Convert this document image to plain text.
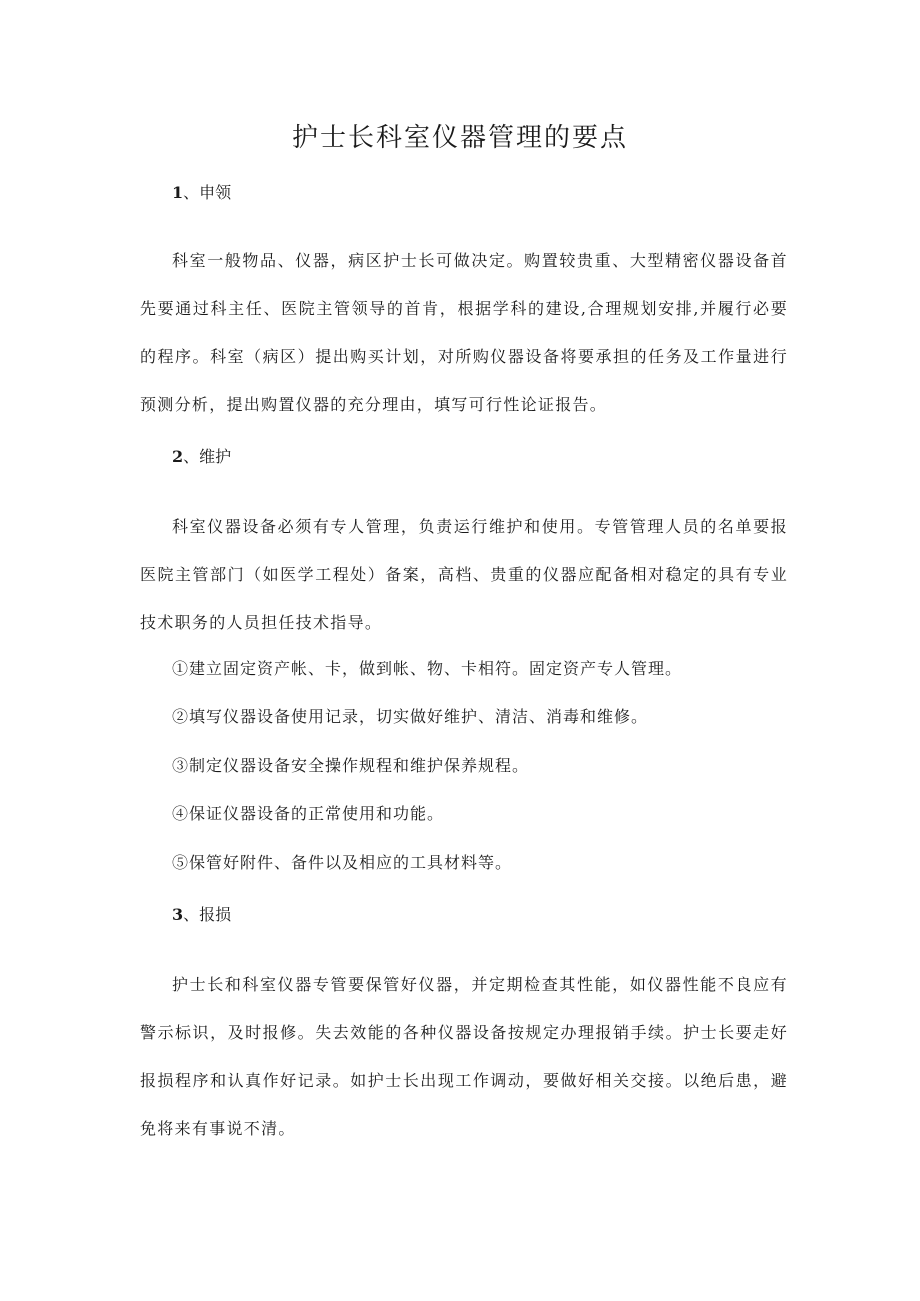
护士长科室仪器管理的要点

1、申领

科室一般物品、仪器，病区护士长可做决定。购置较贵重、大型精密仪器设备首先要通过科主任、医院主管领导的首肯，根据学科的建设,合理规划安排,并履行必要的程序。科室（病区）提出购买计划，对所购仪器设备将要承担的任务及工作量进行预测分析，提出购置仪器的充分理由，填写可行性论证报告。

2、维护

科室仪器设备必须有专人管理，负责运行维护和使用。专管管理人员的名单要报医院主管部门（如医学工程处）备案，高档、贵重的仪器应配备相对稳定的具有专业技术职务的人员担任技术指导。

①建立固定资产帐、卡，做到帐、物、卡相符。固定资产专人管理。

②填写仪器设备使用记录，切实做好维护、清洁、消毒和维修。

③制定仪器设备安全操作规程和维护保养规程。

④保证仪器设备的正常使用和功能。

⑤保管好附件、备件以及相应的工具材料等。

3、报损

护士长和科室仪器专管要保管好仪器，并定期检查其性能，如仪器性能不良应有警示标识，及时报修。失去效能的各种仪器设备按规定办理报销手续。护士长要走好报损程序和认真作好记录。如护士长出现工作调动，要做好相关交接。以绝后患，避免将来有事说不清。
